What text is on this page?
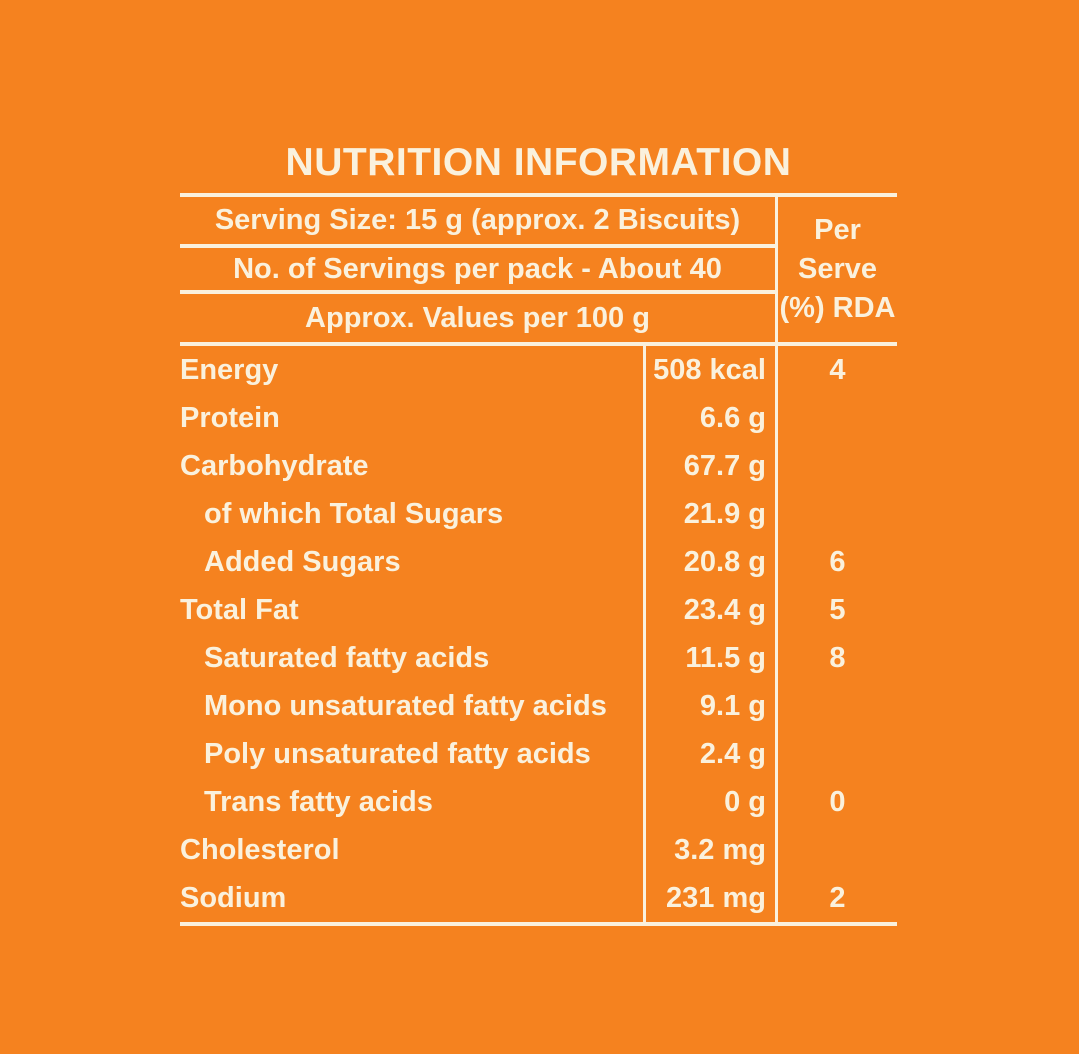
NUTRITION INFORMATION
Serving Size: 15 g (approx. 2 Biscuits)
No. of Servings per pack - About 40
Approx. Values per 100 g
Per
Serve
(%) RDA
Energy	508 kcal	4
Protein	6.6 g
Carbohydrate	67.7 g
of which Total Sugars	21.9 g
Added Sugars	20.8 g	6
Total Fat	23.4 g	5
Saturated fatty acids	11.5 g	8
Mono unsaturated fatty acids	9.1 g
Poly unsaturated fatty acids	2.4 g
Trans fatty acids	0 g	0
Cholesterol	3.2 mg
Sodium	231 mg	2
